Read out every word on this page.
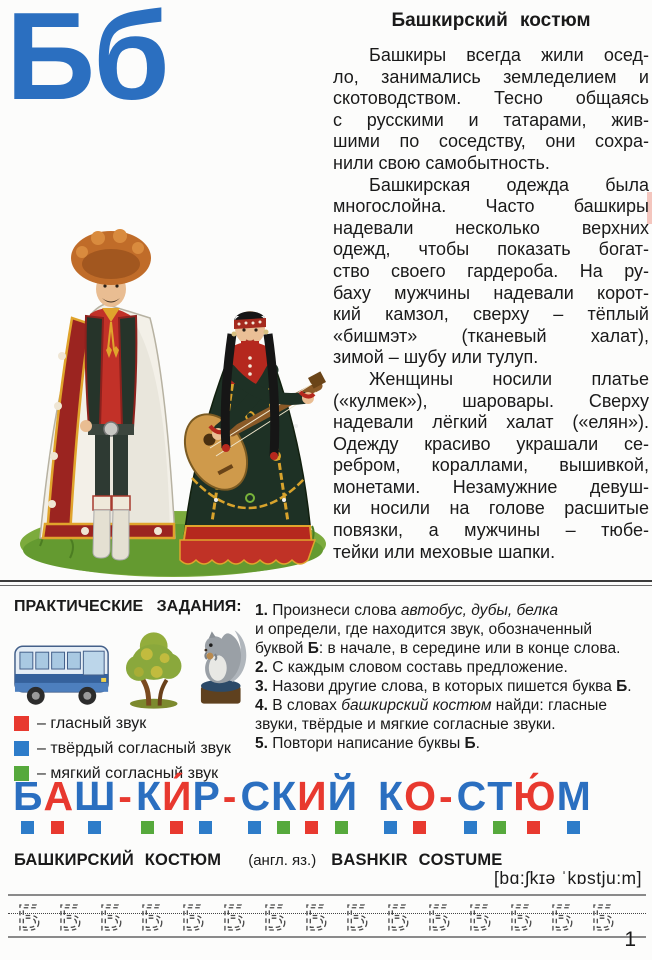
Бб	Башкирский костюм
Башкиры всегда жили осед-
ло, занимались земледелием и
скотоводством. Тесно общаясь
с русскими и татарами, жив-
шими по соседству, они сохра-
нили свою самобытность.
Башкирская одежда была
многослойна. Часто башкиры
надевали несколько верхних
одежд, чтобы показать богат-
ство своего гардероба. На ру-
баху мужчины надевали корот-
кий камзол, сверху – тёплый
«бишмэт» (тканевый халат),
зимой – шубу или тулуп.
Женщины носили платье
(«кулмек»), шаровары. Сверху
надевали лёгкий халат («елян»).
Одежду красиво украшали се-
ребром, кораллами, вышивкой,
монетами. Незамужние девуш-
ки носили на голове расшитые
повязки, а мужчины – тюбе-
тейки или меховые шапки.
ПРАКТИЧЕСКИЕ ЗАДАНИЯ:
– гласный звук
– твёрдый согласный звук
– мягкий согласный звук
1. Произнеси слова автобус, дубы, белка
и определи, где находится звук, обозначенный
буквой Б: в начале, в середине или в конце слова.
2. С каждым словом составь предложение.
3. Назови другие слова, в которых пишется буква Б.
4. В словах башкирский костюм найди: гласные
звуки, твёрдые и мягкие согласные звуки.
5. Повтори написание буквы Б.
Б А Ш - К И́ Р - С К И Й К О - С Т Ю́ М
БАШКИРСКИЙ КОСТЮМ (англ. яз.) BASHKIR COSTUME
[bɑ:ʃkɪə ˈkɒstju:m]
Б Б Б Б Б Б Б Б Б Б Б Б Б Б Б
1
